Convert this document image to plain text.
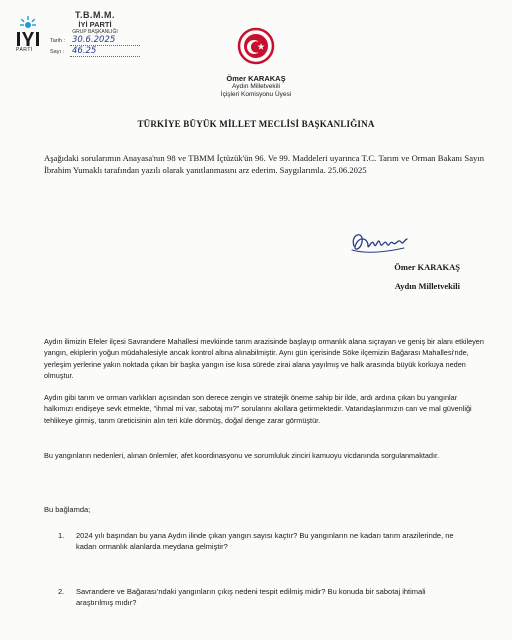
PARTİ
T.B.M.M.
İYİ PARTİ
GRUP BAŞKANLIĞI
Tarih : 30.6.2025
Sayı : 46.25
Ömer KARAKAŞ
Aydın Milletvekili
İçişleri Komisyonu Üyesi
TÜRKİYE BÜYÜK MİLLET MECLİSİ BAŞKANLIĞINA
Aşağıdaki sorularımın Anayasa'nın 98 ve TBMM İçtüzük'ün 96. Ve 99. Maddeleri uyarınca T.C. Tarım ve Orman Bakanı Sayın İbrahim Yumaklı tarafından yazılı olarak yanıtlanmasını arz ederim. Saygılarımla. 25.06.2025
Ömer KARAKAŞ
Aydın Milletvekili
Aydın ilimizin Efeler ilçesi Savrandere Mahallesi mevkiinde tarım arazisinde başlayıp ormanlık alana sıçrayan ve geniş bir alanı etkileyen yangın, ekiplerin yoğun müdahalesiyle ancak kontrol altına alınabilmiştir. Aynı gün içerisinde Söke ilçemizin Bağarası Mahallesi'nde, yerleşim yerlerine yakın noktada çıkan bir başka yangın ise kısa sürede zirai alana yayılmış ve halk arasında büyük korkuya neden olmuştur.
Aydın gibi tarım ve orman varlıkları açısından son derece zengin ve stratejik öneme sahip bir ilde, ardı ardına çıkan bu yangınlar halkımızı endişeye sevk etmekte, "ihmal mi var, sabotaj mı?" sorularını akıllara getirmektedir. Vatandaşlarımızın can ve mal güvenliği tehlikeye girmiş, tarım üreticisinin alın teri küle dönmüş, doğal denge zarar görmüştür.
Bu yangınların nedenleri, alınan önlemler, afet koordinasyonu ve sorumluluk zinciri kamuoyu vicdanında sorgulanmaktadır.
Bu bağlamda;
1.	2024 yılı başından bu yana Aydın ilinde çıkan yangın sayısı kaçtır? Bu yangınların ne kadarı tarım arazilerinde, ne kadarı ormanlık alanlarda meydana gelmiştir?
2.	Savrandere ve Bağarası'ndaki yangınların çıkış nedeni tespit edilmiş midir? Bu konuda bir sabotaj ihtimali araştırılmış mıdır?
